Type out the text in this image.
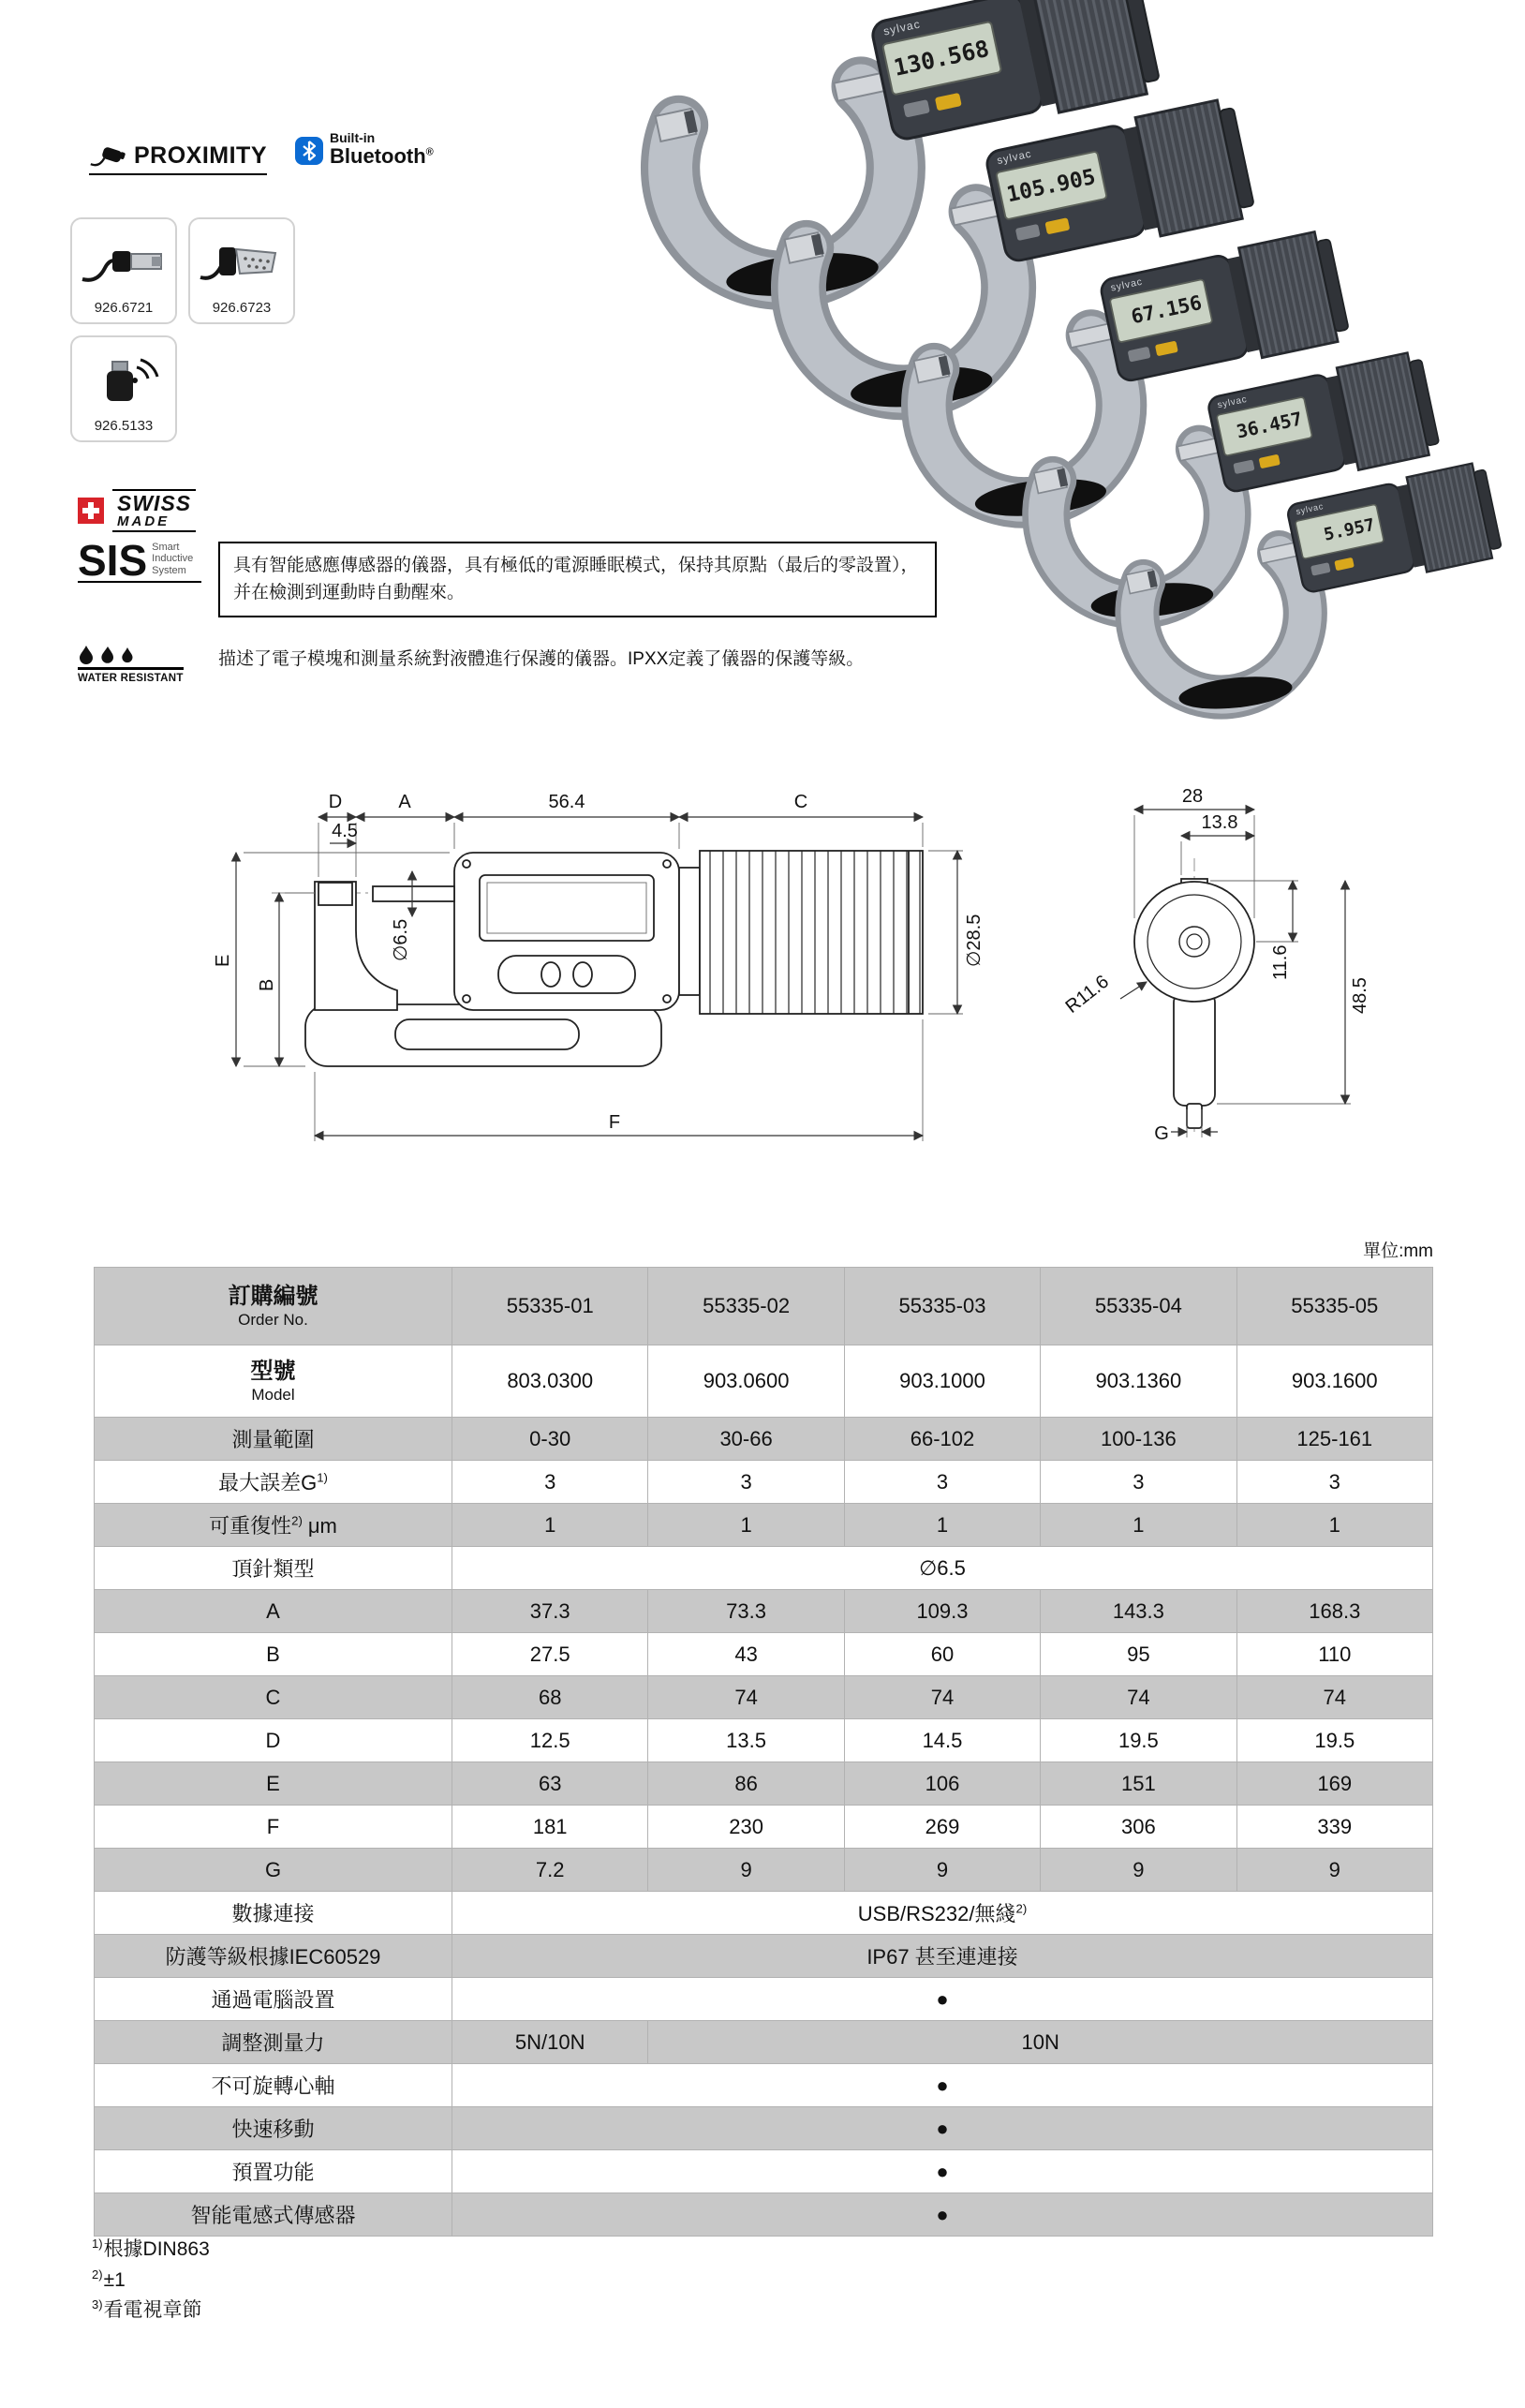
PROXIMITY
Built-in
Bluetooth®
926.6721	926.6723
926.5133
SWISS
MADE
SIS Smart
Inductive
System	具有智能感應傳感器的儀器，具有極低的電源睡眠模式，保持其原點（最后的零設置），并在檢測到運動時自動醒來。
WATER RESISTANT
描述了電子模塊和測量系統對液體進行保護的儀器。IPXX定義了儀器的保護等級。
sylvac
130.568
sylvac
105.905
sylvac
67.156
sylvac
36.457
sylvac
5.957
D	A	56.4	C
4.5
∅6.5
E
B
F
∅28.5
28
13.8
11.6
48.5
R11.6
G
單位:mm
訂購編號
Order No.	55335-01	55335-02	55335-03	55335-04	55335-05

型號
Model	803.0300	903.0600	903.1000	903.1360	903.1600
測量範圍	0-30	30-66	66-102	100-136	125-161
最大誤差$G^{1)}$	3	3	3	3	3
可重復性$^{2)}$ μm	1	1	1	1	1
頂針類型	∅6.5				
A	37.3	73.3	109.3	143.3	168.3
B	27.5	43	60	95	110
C	68	74	74	74	74
D	12.5	13.5	14.5	19.5	19.5
E	63	86	106	151	169
F	181	230	269	306	339
G	7.2	9	9	9	9
數據連接	USB/RS232/無綫$^{2)}$
防護等級根據IEC60529	IP67 甚至連連接				
通過電腦設置	●				
調整測量力	5N/10N	10N			
不可旋轉心軸	●				
快速移動	●				
預置功能	●				
智能電感式傳感器	●				
$^{1)}$根據DIN863
$^{2)}$±1
$^{3)}$看電視章節
